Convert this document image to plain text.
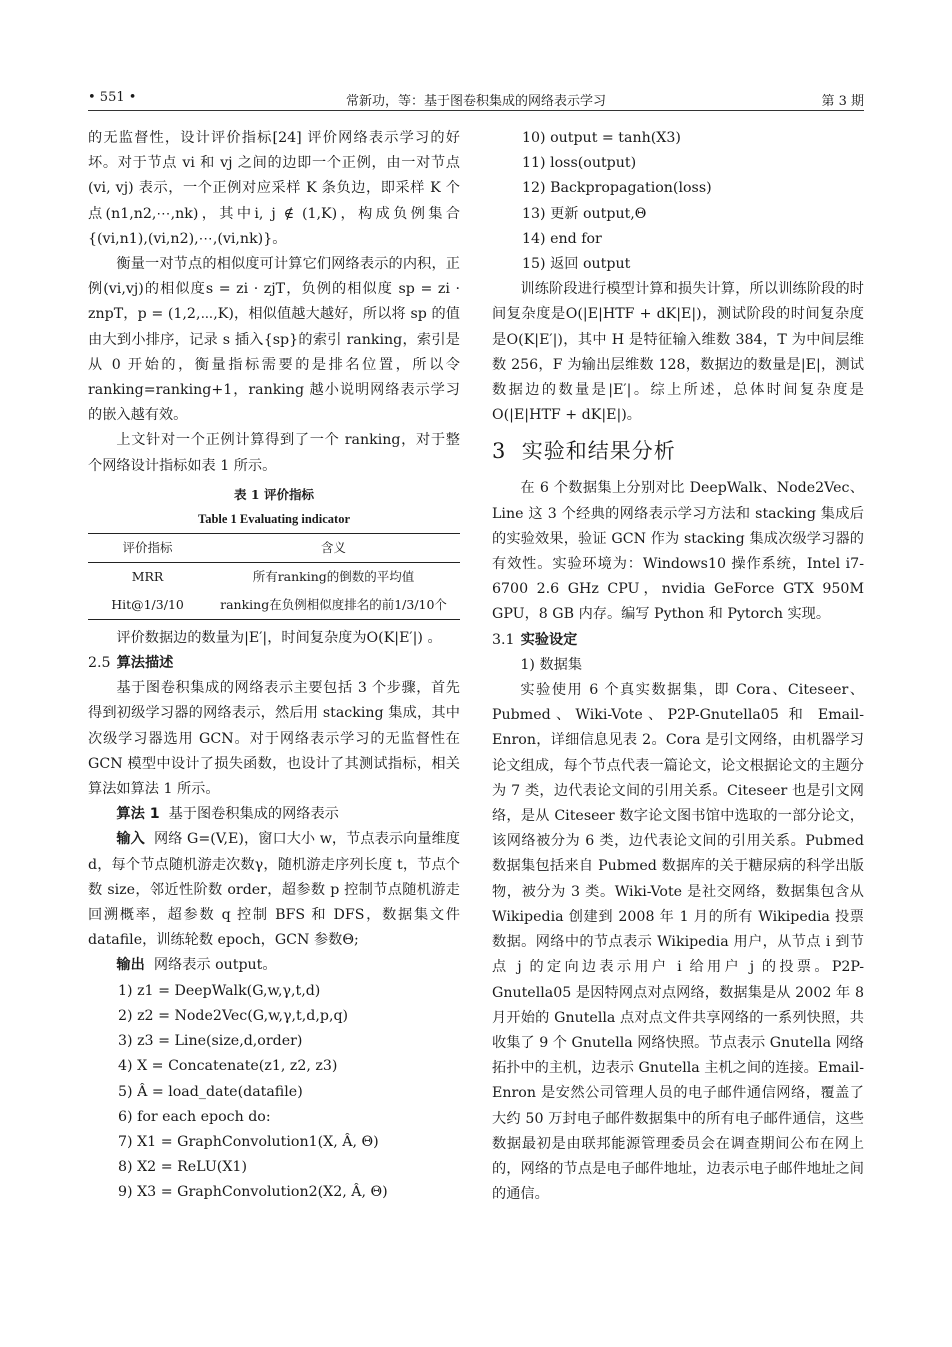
• 551 •	常新功，等：基于图卷积集成的网络表示学习	第 3 期

的无监督性，设计评价指标[24] 评价网络表示学习的好坏。对于节点 vi 和 vj 之间的边即一个正例，由一对节点 (vi, vj) 表示，一个正例对应采样 K 条负边，即采样 K 个点(n1,n2,⋯,nk)，其中i, j ∉ (1,K)，构成负例集合{(vi,n1),(vi,n2),⋯,(vi,nk)}。

衡量一对节点的相似度可计算它们网络表示的内积，正例(vi,vj)的相似度s = zi · zjT，负例的相似度 sp = zi · znpT，p = (1,2,⋯,K)，相似值越大越好，所以将 sp 的值由大到小排序，记录 s 插入{sp}的索引 ranking，索引是从 0 开始的，衡量指标需要的是排名位置，所以令 ranking=ranking+1，ranking 越小说明网络表示学习的嵌入越有效。

上文针对一个正例计算得到了一个 ranking，对于整个网络设计指标如表 1 所示。

表 1 评价指标
Table 1 Evaluating indicator
评价指标	含义
MRR	所有ranking的倒数的平均值
Hit@1/3/10	ranking在负例相似度排名的前1/3/10个

评价数据边的数量为|E′|，时间复杂度为O(K|E′|) 。

2.5 算法描述

基于图卷积集成的网络表示主要包括 3 个步骤，首先得到初级学习器的网络表示，然后用 stacking 集成，其中次级学习器选用 GCN。对于网络表示学习的无监督性在 GCN 模型中设计了损失函数，也设计了其测试指标，相关算法如算法 1 所示。

算法 1 基于图卷积集成的网络表示

输入 网络 G=(V,E)，窗口大小 w，节点表示向量维度 d，每个节点随机游走次数γ，随机游走序列长度 t，节点个数 size，邻近性阶数 order，超参数 p 控制节点随机游走回溯概率，超参数 q 控制 BFS 和 DFS，数据集文件 datafile，训练轮数 epoch，GCN 参数Θ;

输出 网络表示 output。

1) z1 = DeepWalk(G,w,γ,t,d)

2) z2 = Node2Vec(G,w,γ,t,d,p,q)

3) z3 = Line(size,d,order)

4) X = Concatenate(z1, z2, z3)

5) Â = load_date(datafile)

6) for each epoch do:

7) X1 = GraphConvolution1(X, Â, Θ)

8) X2 = ReLU(X1)

9) X3 = GraphConvolution2(X2, Â, Θ)

10) output = tanh(X3)

11) loss(output)

12) Backpropagation(loss)

13) 更新 output,Θ

14) end for

15) 返回 output

训练阶段进行模型计算和损失计算，所以训练阶段的时间复杂度是O(|E|HTF + dK|E|)，测试阶段的时间复杂度是O(K|E′|)，其中 H 是特征输入维数 384，T 为中间层维数 256，F 为输出层维数 128，数据边的数量是|E|，测试数据边的数量是|E′|。综上所述，总体时间复杂度是O(|E|HTF + dK|E|)。

3 实验和结果分析

在 6 个数据集上分别对比 DeepWalk、Node2Vec、Line 这 3 个经典的网络表示学习方法和 stacking 集成后的实验效果，验证 GCN 作为 stacking 集成次级学习器的有效性。实验环境为：Windows10 操作系统，Intel i7-6700 2.6 GHz CPU，nvidia GeForce GTX 950M GPU，8 GB 内存。编写 Python 和 Pytorch 实现。

3.1 实验设定

1) 数据集

实验使用 6 个真实数据集，即 Cora、Citeseer、Pubmed、Wiki-Vote、P2P-Gnutella05 和 Email-Enron，详细信息见表 2。Cora 是引文网络，由机器学习论文组成，每个节点代表一篇论文，论文根据论文的主题分为 7 类，边代表论文间的引用关系。Citeseer 也是引文网络，是从 Citeseer 数字论文图书馆中选取的一部分论文，该网络被分为 6 类，边代表论文间的引用关系。Pubmed 数据集包括来自 Pubmed 数据库的关于糖尿病的科学出版物，被分为 3 类。Wiki-Vote 是社交网络，数据集包含从 Wikipedia 创建到 2008 年 1 月的所有 Wikipedia 投票数据。网络中的节点表示 Wikipedia 用户，从节点 i 到节点 j 的定向边表示用户 i 给用户 j 的投票。P2P-Gnutella05 是因特网点对点网络，数据集是从 2002 年 8 月开始的 Gnutella 点对点文件共享网络的一系列快照，共收集了 9 个 Gnutella 网络快照。节点表示 Gnutella 网络拓扑中的主机，边表示 Gnutella 主机之间的连接。Email-Enron 是安然公司管理人员的电子邮件通信网络，覆盖了大约 50 万封电子邮件数据集中的所有电子邮件通信，这些数据最初是由联邦能源管理委员会在调查期间公布在网上的，网络的节点是电子邮件地址，边表示电子邮件地址之间的通信。
